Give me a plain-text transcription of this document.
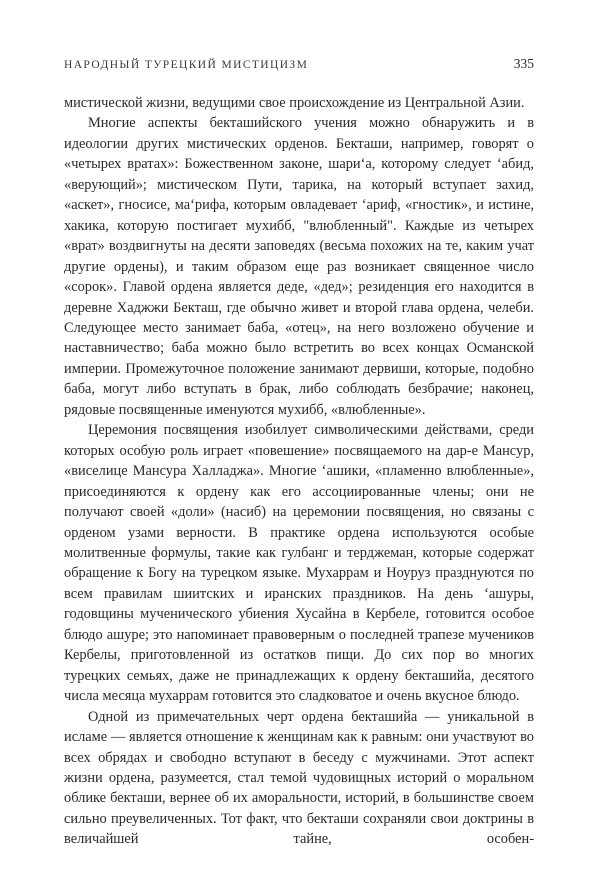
НАРОДНЫЙ ТУРЕЦКИЙ МИСТИЦИЗМ	335

мистической жизни, ведущими свое происхождение из Центральной Азии.

Многие аспекты бекташийского учения можно обнаружить и в идеологии других мистических орденов. Бекташи, например, говорят о «четырех вратах»: Божественном законе, шари‘а, которому следует ‘абид, «верующий»; мистическом Пути, тарика, на который вступает захид, «аскет», гносисе, ма‘рифа, которым овладевает ‘ариф, «гностик», и истине, хакика, которую постигает мухибб, "влюбленный". Каждые из четырех «врат» воздвигнуты на десяти заповедях (весьма похожих на те, каким учат другие ордены), и таким образом еще раз возникает священное число «сорок». Главой ордена является деде, «дед»; резиденция его находится в деревне Хаджжи Бекташ, где обычно живет и второй глава ордена, челеби. Следующее место занимает баба, «отец», на него возложено обучение и наставничество; баба можно было встретить во всех концах Османской империи. Промежуточное положение занимают дервиши, которые, подобно баба, могут либо вступать в брак, либо соблюдать безбрачие; наконец, рядовые посвященные именуются мухибб, «влюбленные».

Церемония посвящения изобилует символическими действами, среди которых особую роль играет «повешение» посвящаемого на дар-е Мансур, «виселице Мансура Халладжа». Многие ‘ашики, «пламенно влюбленные», присоединяются к ордену как его ассоциированные члены; они не получают своей «доли» (насиб) на церемонии посвящения, но связаны с орденом узами верности. В практике ордена используются особые молитвенные формулы, такие как гулбанг и терджеман, которые содержат обращение к Богу на турецком языке. Мухаррам и Ноуруз празднуются по всем правилам шиитских и иранских праздников. На день ‘ашуры, годовщины мученического убиения Хусайна в Кербеле, готовится особое блюдо ашуре; это напоминает правоверным о последней трапезе мучеников Кербелы, приготовленной из остатков пищи. До сих пор во многих турецких семьях, даже не принадлежащих к ордену бекташийа, десятого числа месяца мухаррам готовится это сладковатое и очень вкусное блюдо.

Одной из примечательных черт ордена бекташийа — уникальной в исламе — является отношение к женщинам как к равным: они участвуют во всех обрядах и свободно вступают в беседу с мужчинами. Этот аспект жизни ордена, разумеется, стал темой чудовищных историй о моральном облике бекташи, вернее об их аморальности, историй, в большинстве своем сильно преувеличенных. Тот факт, что бекташи сохраняли свои доктрины в величайшей тайне, особен-
